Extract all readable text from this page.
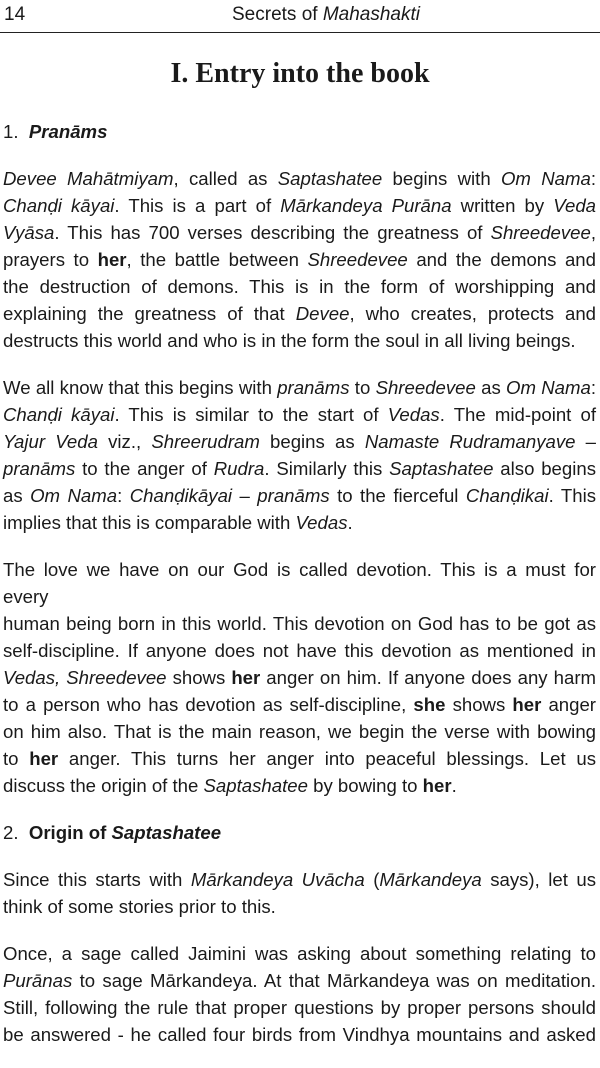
14	Secrets of Mahashakti
I. Entry into the book
1. Pranāms
Devee Mahātmiyam, called as Saptashatee begins with Om Nama:
Chanḍi kāyai. This is a part of Mārkandeya Purāna written by Veda
Vyāsa. This has 700 verses describing the greatness of Shreedevee,
prayers to her, the battle between Shreedevee and the demons and
the destruction of demons. This is in the form of worshipping and
explaining the greatness of that Devee, who creates, protects and
destructs this world and who is in the form the soul in all living beings.
We all know that this begins with pranāms to Shreedevee as Om Nama:
Chanḍi kāyai. This is similar to the start of Vedas. The mid-point of
Yajur Veda viz., Shreerudram begins as Namaste Rudramanyave –
pranāms to the anger of Rudra. Similarly this Saptashatee also begins
as Om Nama: Chanḍikāyai – pranāms to the fierceful Chanḍikai. This
implies that this is comparable with Vedas.
The love we have on our God is called devotion. This is a must for every
human being born in this world. This devotion on God has to be got as
self-discipline. If anyone does not have this devotion as mentioned in
Vedas, Shreedevee shows her anger on him. If anyone does any harm
to a person who has devotion as self-discipline, she shows her anger
on him also. That is the main reason, we begin the verse with bowing
to her anger. This turns her anger into peaceful blessings. Let us
discuss the origin of the Saptashatee by bowing to her.
2. Origin of Saptashatee
Since this starts with Mārkandeya Uvācha (Mārkandeya says), let us
think of some stories prior to this.
Once, a sage called Jaimini was asking about something relating to
Purānas to sage Mārkandeya. At that Mārkandeya was on meditation.
Still, following the rule that proper questions by proper persons should
be answered - he called four birds from Vindhya mountains and asked
